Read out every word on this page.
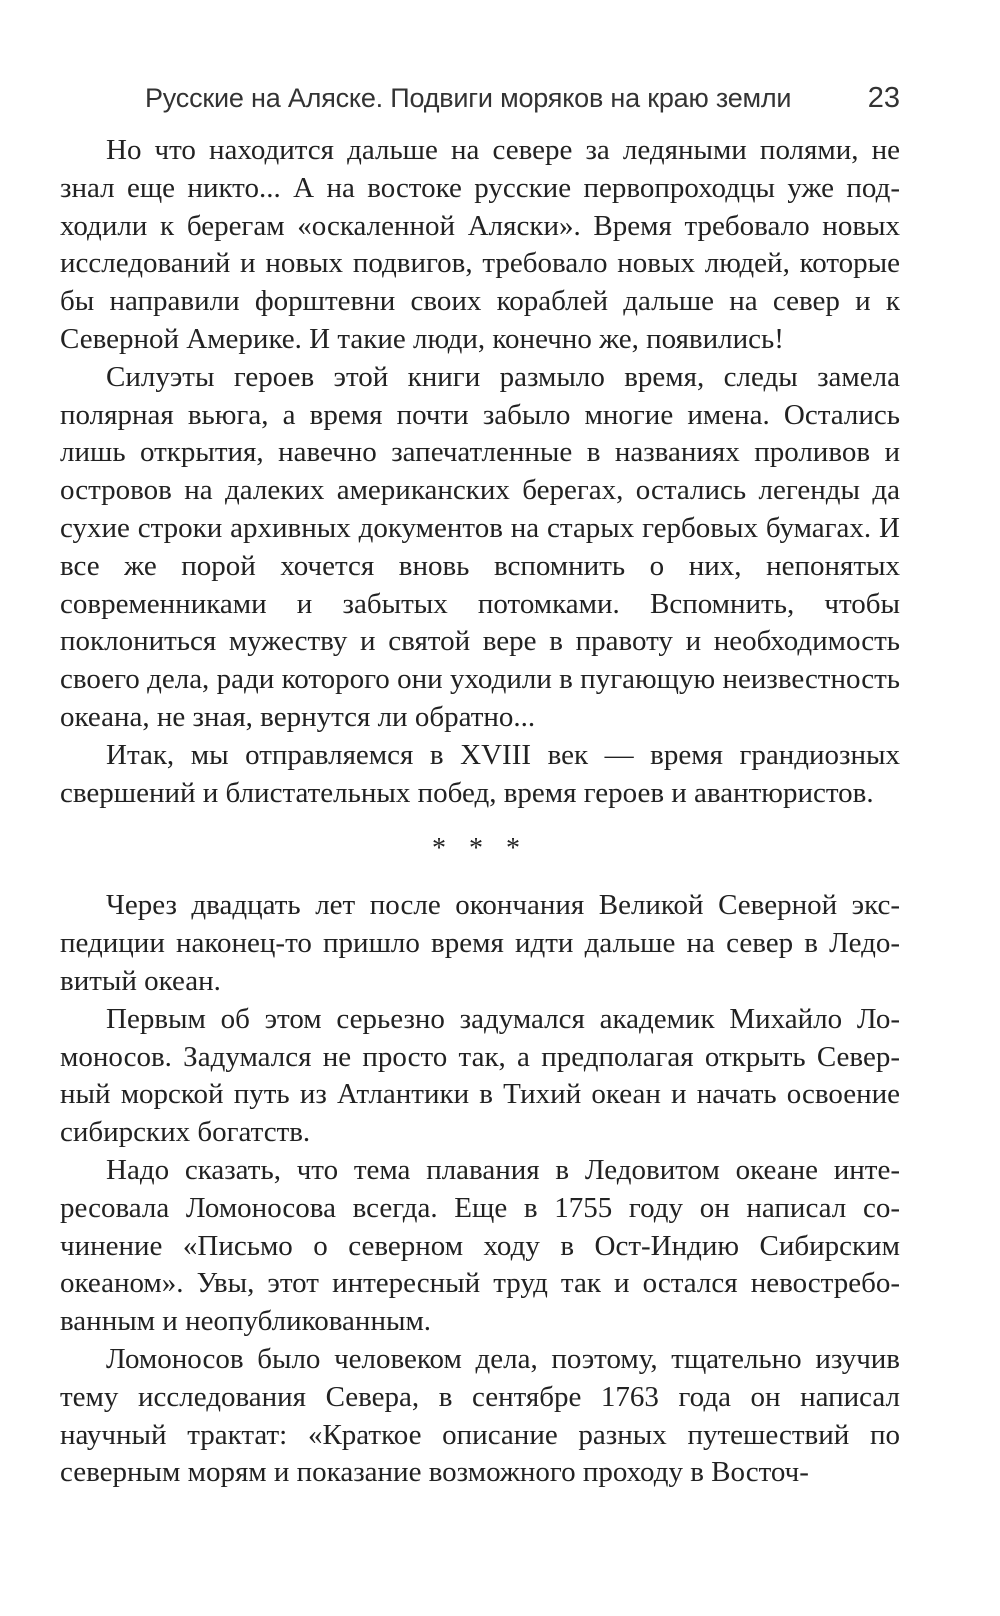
Русские на Аляске. Подвиги моряков на краю земли	23

Но что находится дальше на севере за ледяными полями, не знал еще никто... А на востоке русские первопроходцы уже подходили к берегам «оскаленной Аляски». Время требовало новых исследований и новых подвигов, требовало новых людей, которые бы направили форштевни своих кораблей дальше на север и к Северной Америке. И такие люди, конечно же, появились!

Силуэты героев этой книги размыло время, следы замела полярная вьюга, а время почти забыло многие имена. Остались лишь открытия, навечно запечатленные в названиях проливов и островов на далеких американских берегах, остались легенды да сухие строки архивных документов на старых гербовых бумагах. И все же порой хочется вновь вспомнить о них, непонятых современниками и забытых потомками. Вспомнить, чтобы поклониться мужеству и святой вере в правоту и необходимость своего дела, ради которого они уходили в пугающую неизвестность океана, не зная, вернутся ли обратно...

Итак, мы отправляемся в XVIII век — время грандиозных свершений и блистательных побед, время героев и авантюристов.

* * *

Через двадцать лет после окончания Великой Северной экспедиции наконец-то пришло время идти дальше на север в Ледовитый океан.

Первым об этом серьезно задумался академик Михайло Ломоносов. Задумался не просто так, а предполагая открыть Северный морской путь из Атлантики в Тихий океан и начать освоение сибирских богатств.

Надо сказать, что тема плавания в Ледовитом океане интересовала Ломоносова всегда. Еще в 1755 году он написал сочинение «Письмо о северном ходу в Ост-Индию Сибирским океаном». Увы, этот интересный труд так и остался невостребованным и неопубликованным.

Ломоносов было человеком дела, поэтому, тщательно изучив тему исследования Севера, в сентябре 1763 года он написал научный трактат: «Краткое описание разных путешествий по северным морям и показание возможного проходу в Восточ-
